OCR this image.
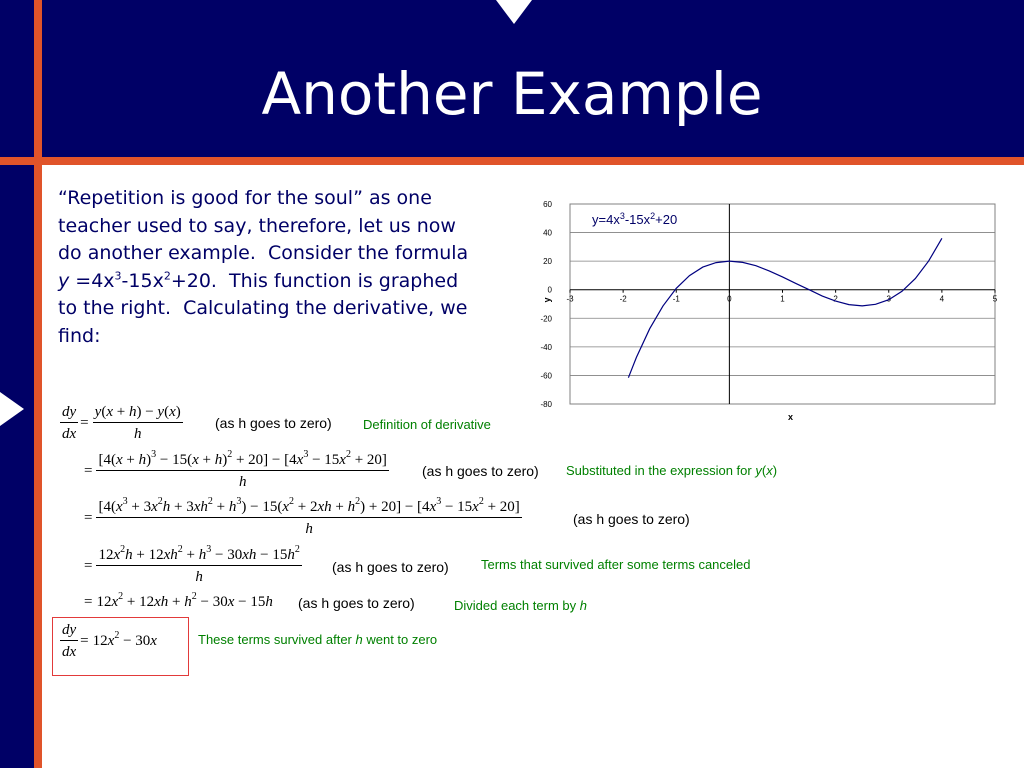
Another Example
“Repetition is good for the soul” as one teacher used to say, therefore, let us now do another example.  Consider the formula $y =4x^3-15x^2+20$.  This function is graphed to the right.  Calculating the derivative, we find:
60
40
20
0
-20
-40
-60
-80
-3	-2	-1	0	1	2	3	4	5
x
y
$y=4x^3-15x^2+20$
$\frac{dy}{dx} = \frac{y(x + h) - y(x)}{h} (as$ h goes to zero) Definition of derivative
= $\frac{[4(x + h)^3 - 15(x + h)^2 + 20] - [4x^3 - 15x^2 + 20]}{h} (as$ h goes to zero) Substituted in the expression for y(x)
=
$[4(x^3 + 3x^2h + 3xh^2 + h^3) - 15(x^2 + 2xh + h^2) + 20] - [4x^3 - 15x^2 + 20]$
h
(as h goes to zero)
= $\frac{12x^2h + 12xh^2 + h^3 - 30xh - 15h^2}{h} (as$ h goes to zero) Terms that survived after some terms canceled
= $12x^2 + 12xh + h^2 - 30x - 15h$ (as h goes to zero)	Divided each term by h
$\frac{dy}{dx} = 12x^2 - 30x$	These terms survived after h went to zero
